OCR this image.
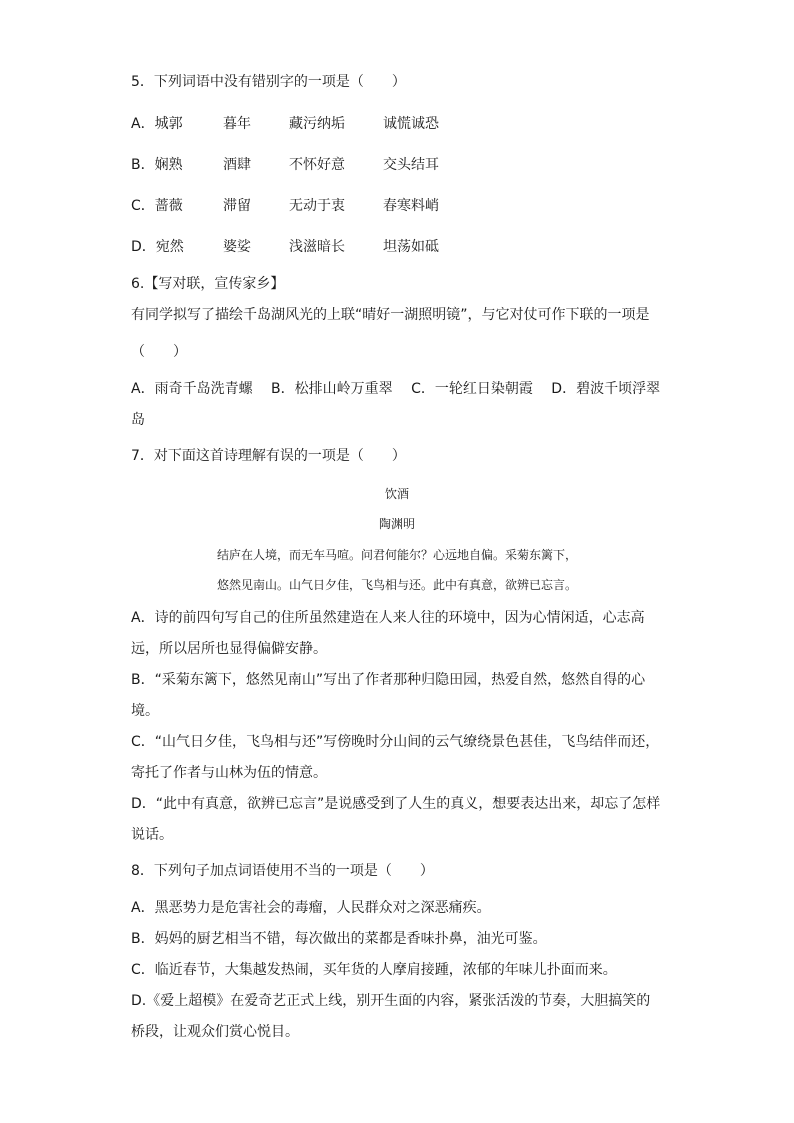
5．下列词语中没有错别字的一项是（　　）
A．城郭	暮年	藏污纳垢	诚慌诚恐
B．娴熟	酒肆	不怀好意	交头结耳
C．蔷薇	滞留	无动于衷	春寒料峭
D．宛然	婆娑	浅滋暗长	坦荡如砥
6.【写对联，宣传家乡】
有同学拟写了描绘千岛湖风光的上联“晴好一湖照明镜”，与它对仗可作下联的一项是
（　　）
A．雨奇千岛洗青螺　 B．松排山岭万重翠　 C．一轮红日染朝霞　 D．碧波千顷浮翠
岛
7．对下面这首诗理解有误的一项是（　　）
饮酒
陶渊明
结庐在人境，而无车马喧。问君何能尔？心远地自偏。采菊东篱下，
悠然见南山。山气日夕佳，飞鸟相与还。此中有真意，欲辨已忘言。
A．诗的前四句写自己的住所虽然建造在人来人往的环境中，因为心情闲适，心志高
远，所以居所也显得偏僻安静。
B．“采菊东篱下，悠然见南山”写出了作者那种归隐田园，热爱自然，悠然自得的心
境。
C．“山气日夕佳，飞鸟相与还”写傍晚时分山间的云气缭绕景色甚佳，飞鸟结伴而还，
寄托了作者与山林为伍的情意。
D．“此中有真意，欲辨已忘言”是说感受到了人生的真义，想要表达出来，却忘了怎样
说话。
8．下列句子加点词语使用不当的一项是（　　）
A．黑恶势力是危害社会的毒瘤，人民群众对之深恶痛疾。
B．妈妈的厨艺相当不错，每次做出的菜都是香味扑鼻，油光可鉴。
C．临近春节，大集越发热闹，买年货的人摩肩接踵，浓郁的年味儿扑面而来。
D.《爱上超模》在爱奇艺正式上线，别开生面的内容，紧张活泼的节奏，大胆搞笑的
桥段，让观众们赏心悦目。
